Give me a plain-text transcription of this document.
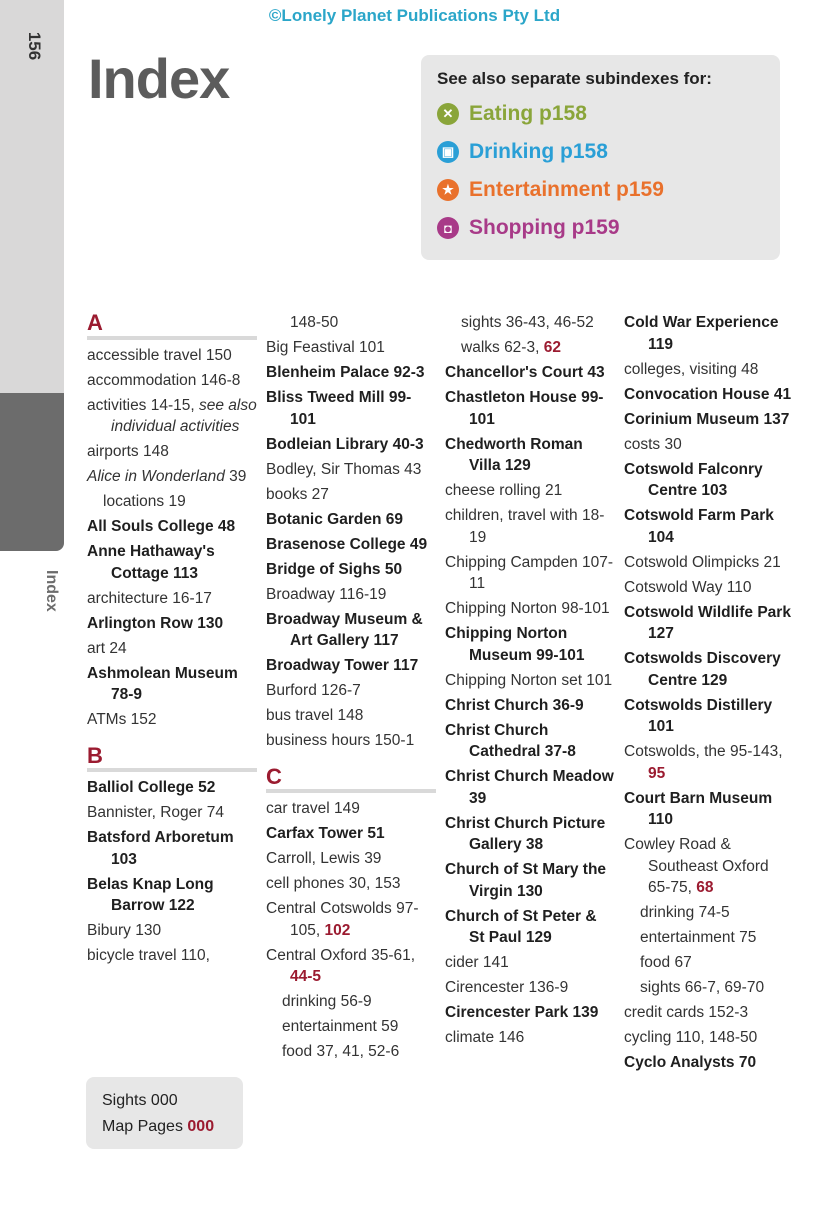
156
Index
©Lonely Planet Publications Pty Ltd
Index	See also separate subindexes for:
✕ Eating p158
▣ Drinking p158
★ Entertainment p159
◘ Shopping p159
A
accessible travel 150
accommodation 146-8
activities 14-15, see also individual activities
airports 148
Alice in Wonderland 39
locations 19
All Souls College 48
Anne Hathaway's Cottage 113
architecture 16-17
Arlington Row 130
art 24
Ashmolean Museum 78-9
ATMs 152
B
Balliol College 52
Bannister, Roger 74
Batsford Arboretum 103
Belas Knap Long Barrow 122
Bibury 130
bicycle travel 110,
148-50
Big Feastival 101
Blenheim Palace 92-3
Bliss Tweed Mill 99-101
Bodleian Library 40-3
Bodley, Sir Thomas 43
books 27
Botanic Garden 69
Brasenose College 49
Bridge of Sighs 50
Broadway 116-19
Broadway Museum & Art Gallery 117
Broadway Tower 117
Burford 126-7
bus travel 148
business hours 150-1
C
car travel 149
Carfax Tower 51
Carroll, Lewis 39
cell phones 30, 153
Central Cotswolds 97-105, 102
Central Oxford 35-61, 44-5
drinking 56-9
entertainment 59
food 37, 41, 52-6
sights 36-43, 46-52
walks 62-3, 62
Chancellor's Court 43
Chastleton House 99-101
Chedworth Roman Villa 129
cheese rolling 21
children, travel with 18-19
Chipping Campden 107-11
Chipping Norton 98-101
Chipping Norton Museum 99-101
Chipping Norton set 101
Christ Church 36-9
Christ Church Cathedral 37-8
Christ Church Meadow 39
Christ Church Picture Gallery 38
Church of St Mary the Virgin 130
Church of St Peter & St Paul 129
cider 141
Cirencester 136-9
Cirencester Park 139
climate 146
Cold War Experience 119
colleges, visiting 48
Convocation House 41
Corinium Museum 137
costs 30
Cotswold Falconry Centre 103
Cotswold Farm Park 104
Cotswold Olimpicks 21
Cotswold Way 110
Cotswold Wildlife Park 127
Cotswolds Discovery Centre 129
Cotswolds Distillery 101
Cotswolds, the 95-143, 95
Court Barn Museum 110
Cowley Road & Southeast Oxford 65-75, 68
drinking 74-5
entertainment 75
food 67
sights 66-7, 69-70
credit cards 152-3
cycling 110, 148-50
Cyclo Analysts 70
Sights 000
Map Pages 000
